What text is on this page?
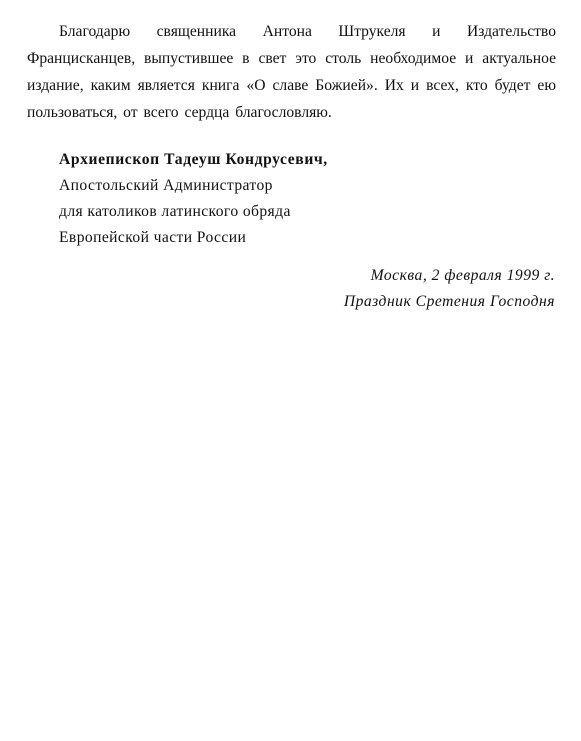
Благодарю священника Антона Штрукеля и Издательство Францисканцев, выпустившее в свет это столь необходимое и актуальное издание, каким является книга «О славе Божией». Их и всех, кто будет ею пользоваться, от всего сердца благословляю.

Архиепископ Тадеуш Кондрусевич,
Апостольский Администратор
для католиков латинского обряда
Европейской части России
Москва, 2 февраля 1999 г.
Праздник Сретения Господня
